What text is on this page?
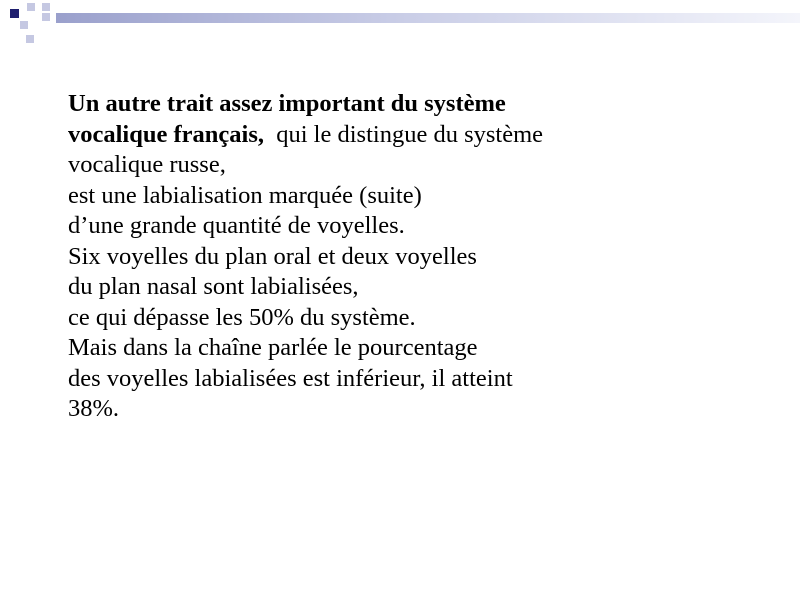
Un autre trait assez important du système
vocalique français,  qui le distingue du système
vocalique russe,
est une labialisation marquée (suite)
d’une grande quantité de voyelles.
Six voyelles du plan oral et deux voyelles
du plan nasal sont labialisées,
ce qui dépasse les 50% du système.
Mais dans la chaîne parlée le pourcentage
des voyelles labialisées est inférieur, il atteint
38%.
